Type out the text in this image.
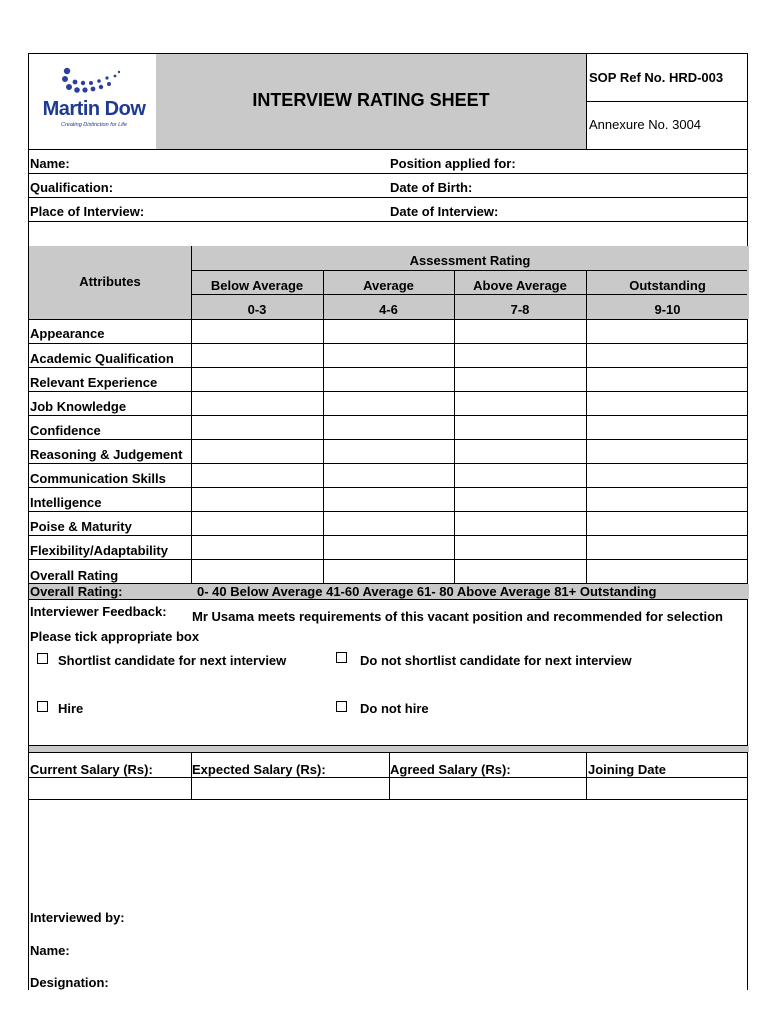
Martin Dow
Creating Distinction for Life
INTERVIEW RATING SHEET
SOP Ref No. HRD-003
Annexure No. 3004
Name:	Position applied for:
Qualification:	Date of Birth:
Place of Interview:	Date of Interview:
Attributes
Assessment Rating
Below Average	Average	Above Average	Outstanding
0-3	4-6	7-8	9-10
Appearance
Academic Qualification
Relevant Experience
Job Knowledge
Confidence
Reasoning & Judgement
Communication Skills
Intelligence
Poise & Maturity
Flexibility/Adaptability
Overall Rating
Overall Rating:	0- 40 Below Average 41-60 Average 61- 80 Above Average 81+ Outstanding
Interviewer Feedback: Mr Usama meets requirements of this vacant position and recommended for selection
Please tick appropriate box
Shortlist candidate for next interview	Do not shortlist candidate for next interview
Hire	Do not hire
Current Salary (Rs):	Expected Salary (Rs):	Agreed Salary (Rs):	Joining Date
Interviewed by:
Name:
Designation:
